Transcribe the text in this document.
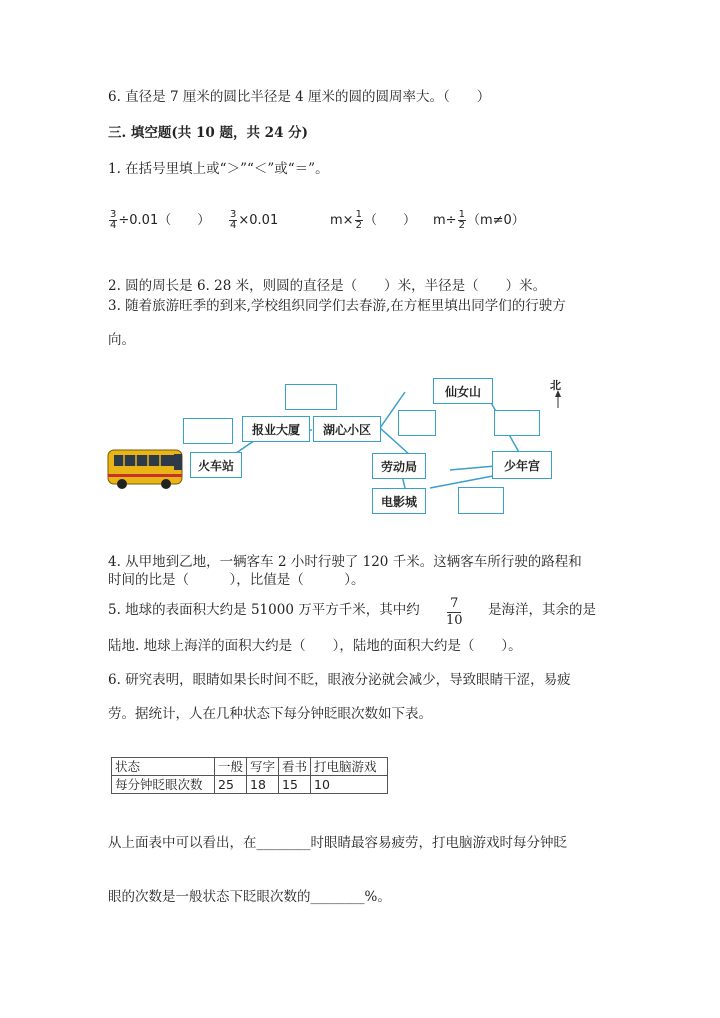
6. 直径是 7 厘米的圆比半径是 4 厘米的圆的圆周率大。（　　）
三. 填空题(共 10 题，共 24 分)
1. 在括号里填上或“＞”“＜”或“＝”。
$\frac{3}{4} \div 0.01$（　　） $\frac{3}{4} \times 0.01$	$m\times \frac{1}{2}$ （　　） $m\div \frac{1}{2} (m\ne 0)$
2. 圆的周长是 6. 28 米，则圆的直径是（　　）米，半径是（　　）米。
3. 随着旅游旺季的到来,学校组织同学们去春游,在方框里填出同学们的行驶方
向。
报业大厦	湖心小区
仙女山
火车站	劳动局	少年宫
电影城
北
4. 从甲地到乙地，一辆客车 2 小时行驶了 120 千米。这辆客车所行驶的路程和
时间的比是（　　　），比值是（　　　）。
5. 地球的表面积大约是 51000 万平方千米，其中约 7
10
是海洋，其余的是
陆地. 地球上海洋的面积大约是（　　），陆地的面积大约是（　　）。
6. 研究表明，眼睛如果长时间不眨，眼液分泌就会减少，导致眼睛干涩，易疲
劳。据统计，人在几种状态下每分钟眨眼次数如下表。
状态	一般	写字	看书	打电脑游戏
每分钟眨眼次数	25	18	15	10
从上面表中可以看出，在________时眼睛最容易疲劳，打电脑游戏时每分钟眨
眼的次数是一般状态下眨眼次数的________%。
